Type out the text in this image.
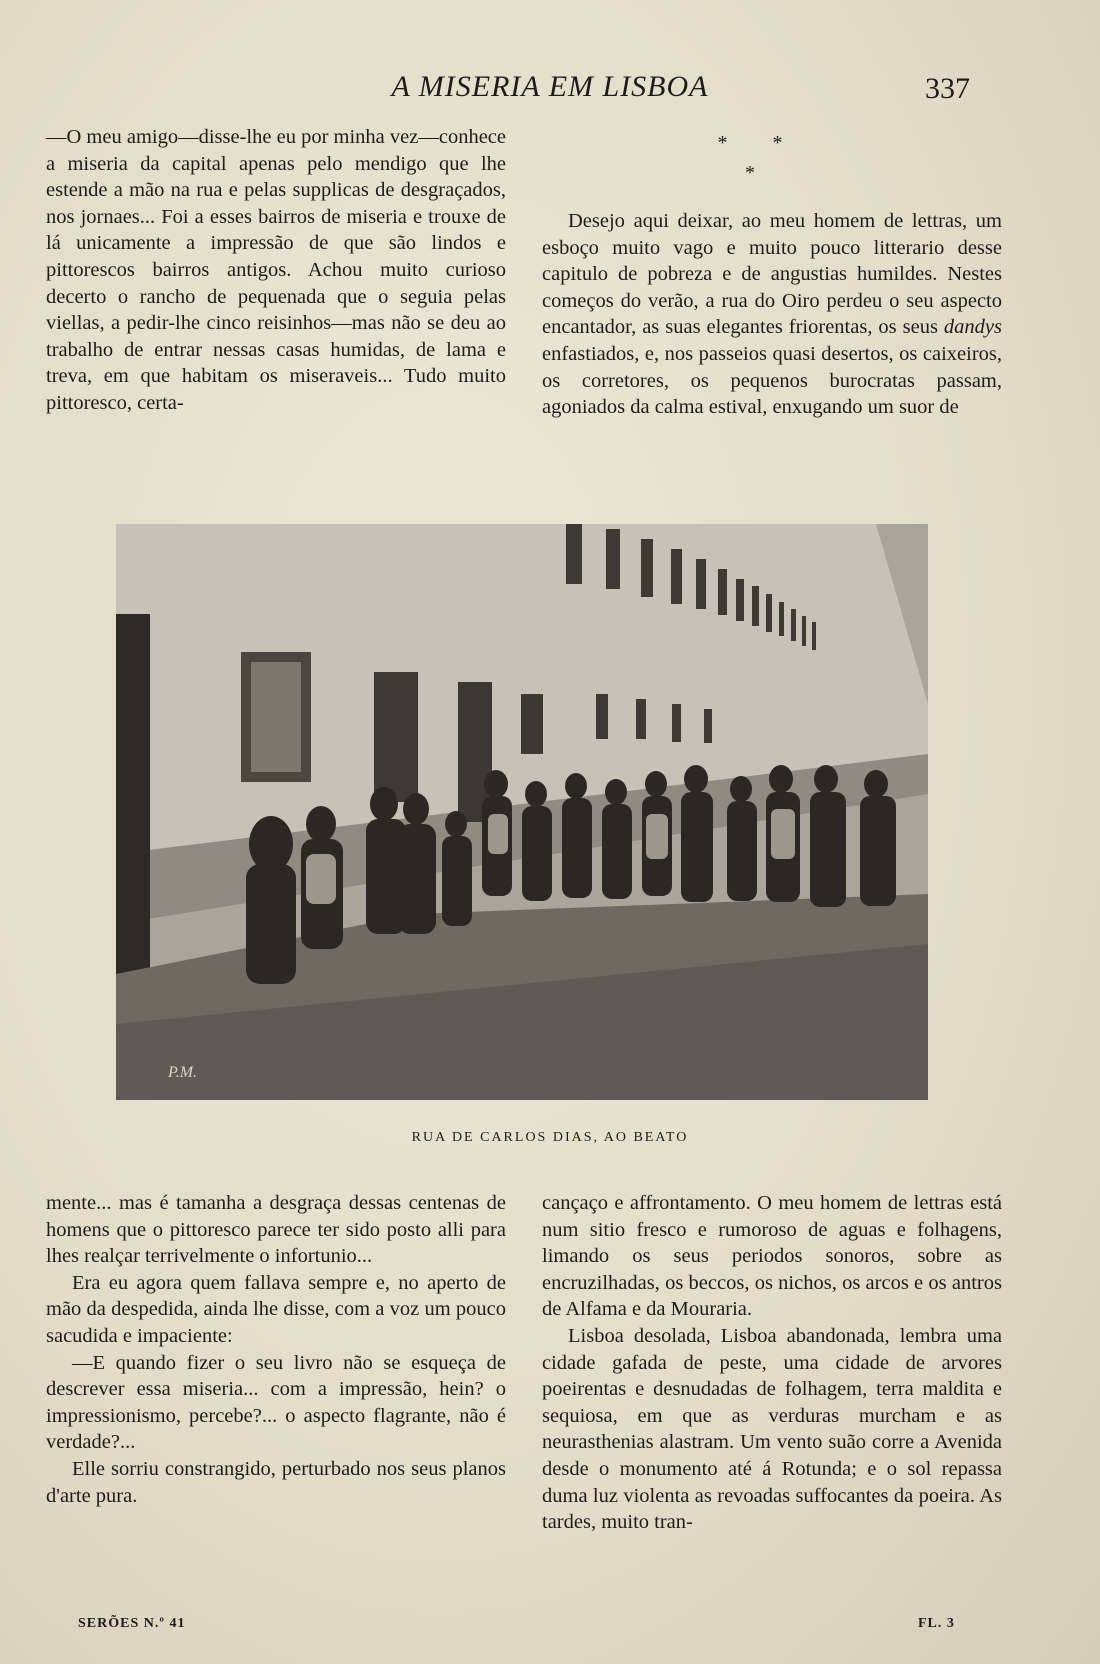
A MISERIA EM LISBOA	337

—O meu amigo—disse-lhe eu por minha vez—conhece a miseria da capital apenas pelo mendigo que lhe estende a mão na rua e pelas supplicas de desgraçados, nos jornaes... Foi a esses bairros de miseria e trouxe de lá unicamente a impressão de que são lindos e pittorescos bairros antigos. Achou muito curioso decerto o rancho de pequenada que o seguia pelas viellas, a pedir-lhe cinco reisinhos—mas não se deu ao trabalho de entrar nessas casas humidas, de lama e treva, em que habitam os miseraveis... Tudo muito pittoresco, certa-

* * *

Desejo aqui deixar, ao meu homem de lettras, um esboço muito vago e muito pouco litterario desse capitulo de pobreza e de angustias humildes. Nestes começos do verão, a rua do Oiro perdeu o seu aspecto encantador, as suas elegantes friorentas, os seus dandys enfastiados, e, nos passeios quasi desertos, os caixeiros, os corretores, os pequenos burocratas passam, agoniados da calma estival, enxugando um suor de

P.M.
RUA DE CARLOS DIAS, AO BEATO

mente... mas é tamanha a desgraça dessas centenas de homens que o pittoresco parece ter sido posto alli para lhes realçar terrivelmente o infortunio...

Era eu agora quem fallava sempre e, no aperto de mão da despedida, ainda lhe disse, com a voz um pouco sacudida e impaciente:

—E quando fizer o seu livro não se esqueça de descrever essa miseria... com a impressão, hein? o impressionismo, percebe?... o aspecto flagrante, não é verdade?...

Elle sorriu constrangido, perturbado nos seus planos d'arte pura.

cançaço e affrontamento. O meu homem de lettras está num sitio fresco e rumoroso de aguas e folhagens, limando os seus periodos sonoros, sobre as encruzilhadas, os beccos, os nichos, os arcos e os antros de Alfama e da Mouraria.

Lisboa desolada, Lisboa abandonada, lembra uma cidade gafada de peste, uma cidade de arvores poeirentas e desnudadas de folhagem, terra maldita e sequiosa, em que as verduras murcham e as neurasthenias alastram. Um vento suão corre a Avenida desde o monumento até á Rotunda; e o sol repassa duma luz violenta as revoadas suffocantes da poeira. As tardes, muito tran-

SERÕES N.º 41	FL. 3
